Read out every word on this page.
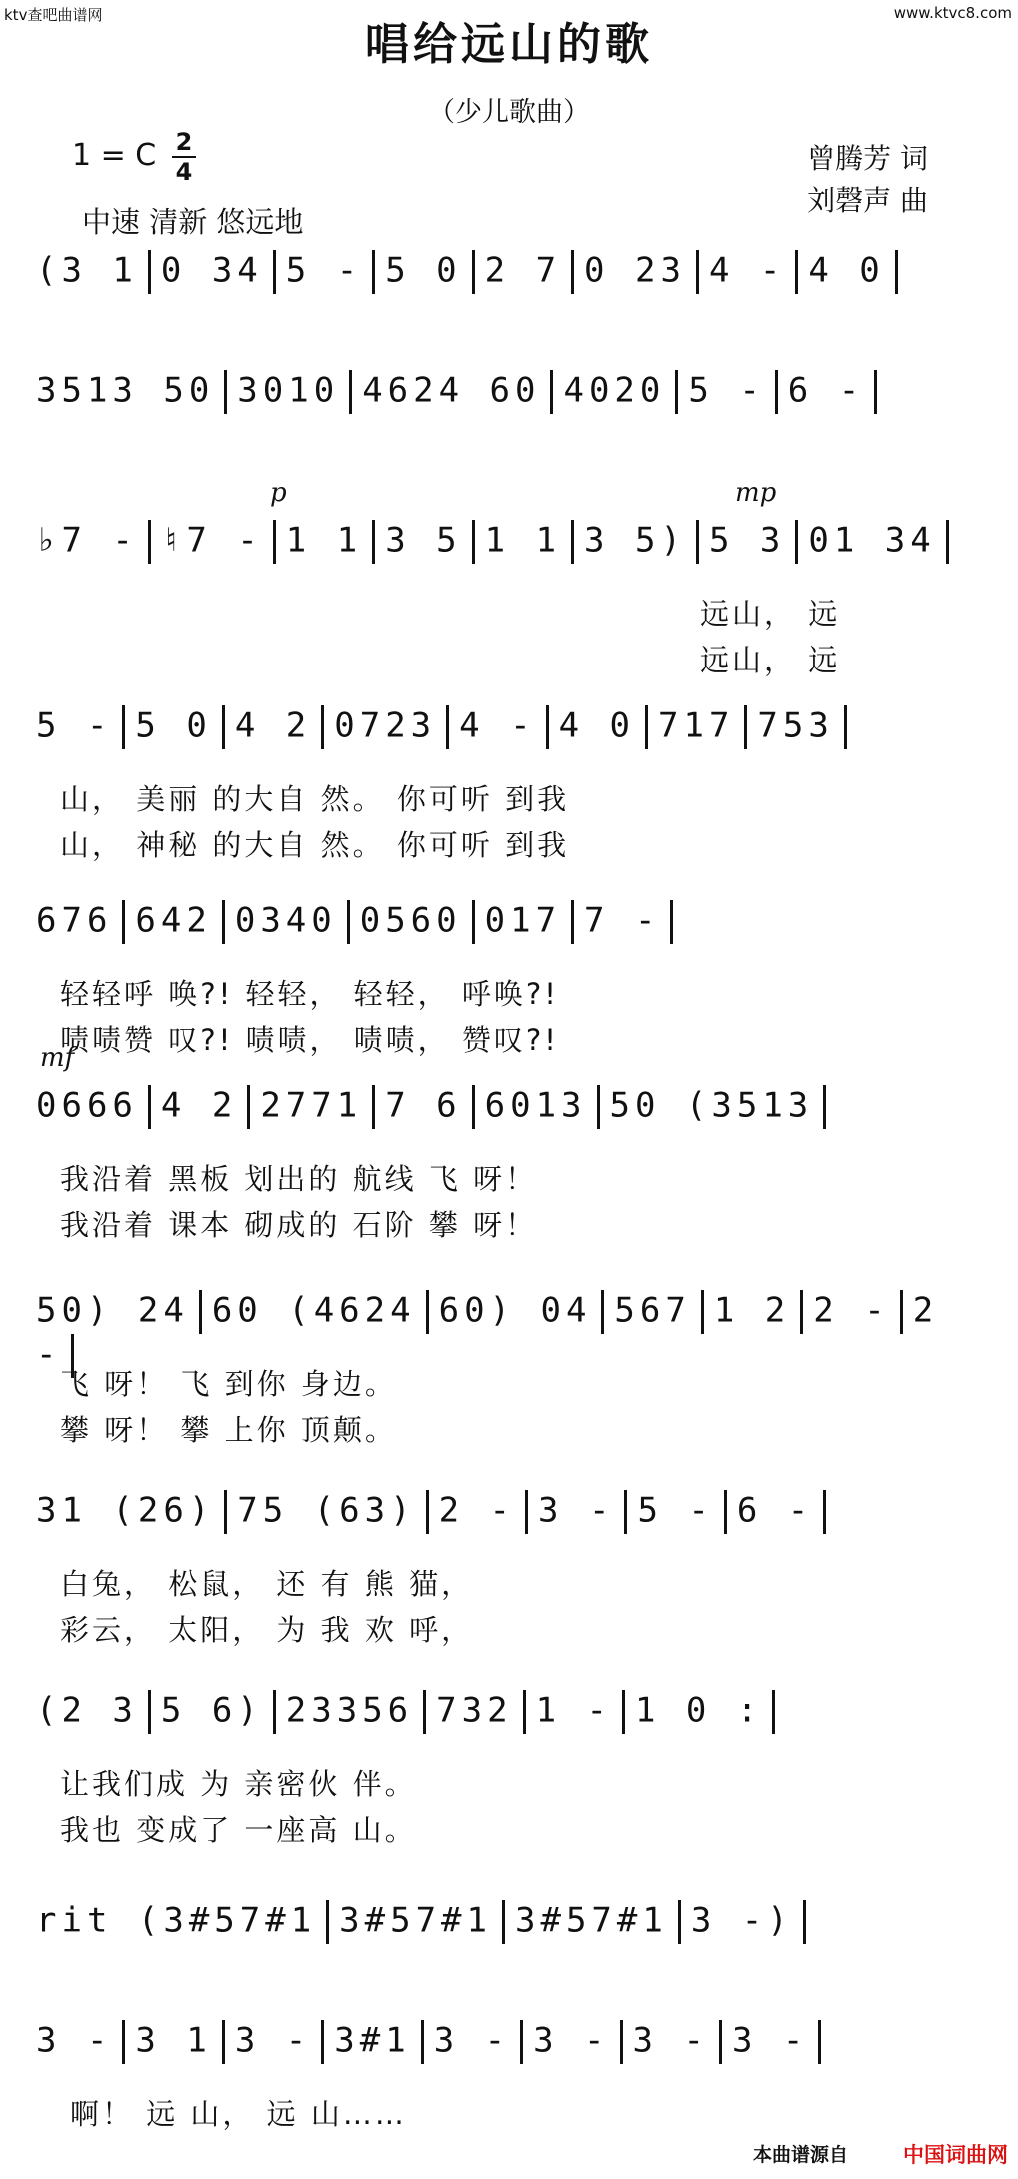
ktv查吧曲谱网	www.ktvc8.com
唱给远山的歌
（少儿歌曲）
1 = C 2
4	曾腾芳 词
刘磬声 曲
中速 清新 悠远地
(3 1 0 34 5 - 5 0 2 7 0 23 4 - 4 0
3513 50 3010 4624 60 4020 5 - 6 -
♭7 - ♮7 - 1 1 3 5 1 1 3 5) 5 3 01 34
p	mp
远山， 远
远山， 远
5 - 5 0 4 2 0723 4 - 4 0 717 753
山， 美丽 的大自 然。 你可听 到我
山， 神秘 的大自 然。 你可听 到我
676 642 0340 0560 017 7 -
轻轻呼 唤?! 轻轻， 轻轻， 呼唤?!
啧啧赞 叹?! 啧啧， 啧啧， 赞叹?!
0666 4 2 2771 7 6 6013 50 (3513
mf
我沿着 黑板 划出的 航线 飞 呀！
我沿着 课本 砌成的 石阶 攀 呀！
50) 24 60 (4624 60) 04 567 1 2 2 - 2 -
飞 呀！ 飞 到你 身边。
攀 呀！ 攀 上你 顶颠。
31 (26) 75 (63) 2 - 3 - 5 - 6 -
白兔， 松鼠， 还 有 熊 猫，
彩云， 太阳， 为 我 欢 呼，
(2 3 5 6) 23356 732 1 - 1 0 :
让我们成 为 亲密伙 伴。
我也 变成了 一座高 山。
rit (3#57#1 3#57#1 3#57#1 3 -)
3 - 3 1 3 - 3#1 3 - 3 - 3 - 3 -
啊！ 远 山， 远 山……
本曲谱源自	中国词曲网
